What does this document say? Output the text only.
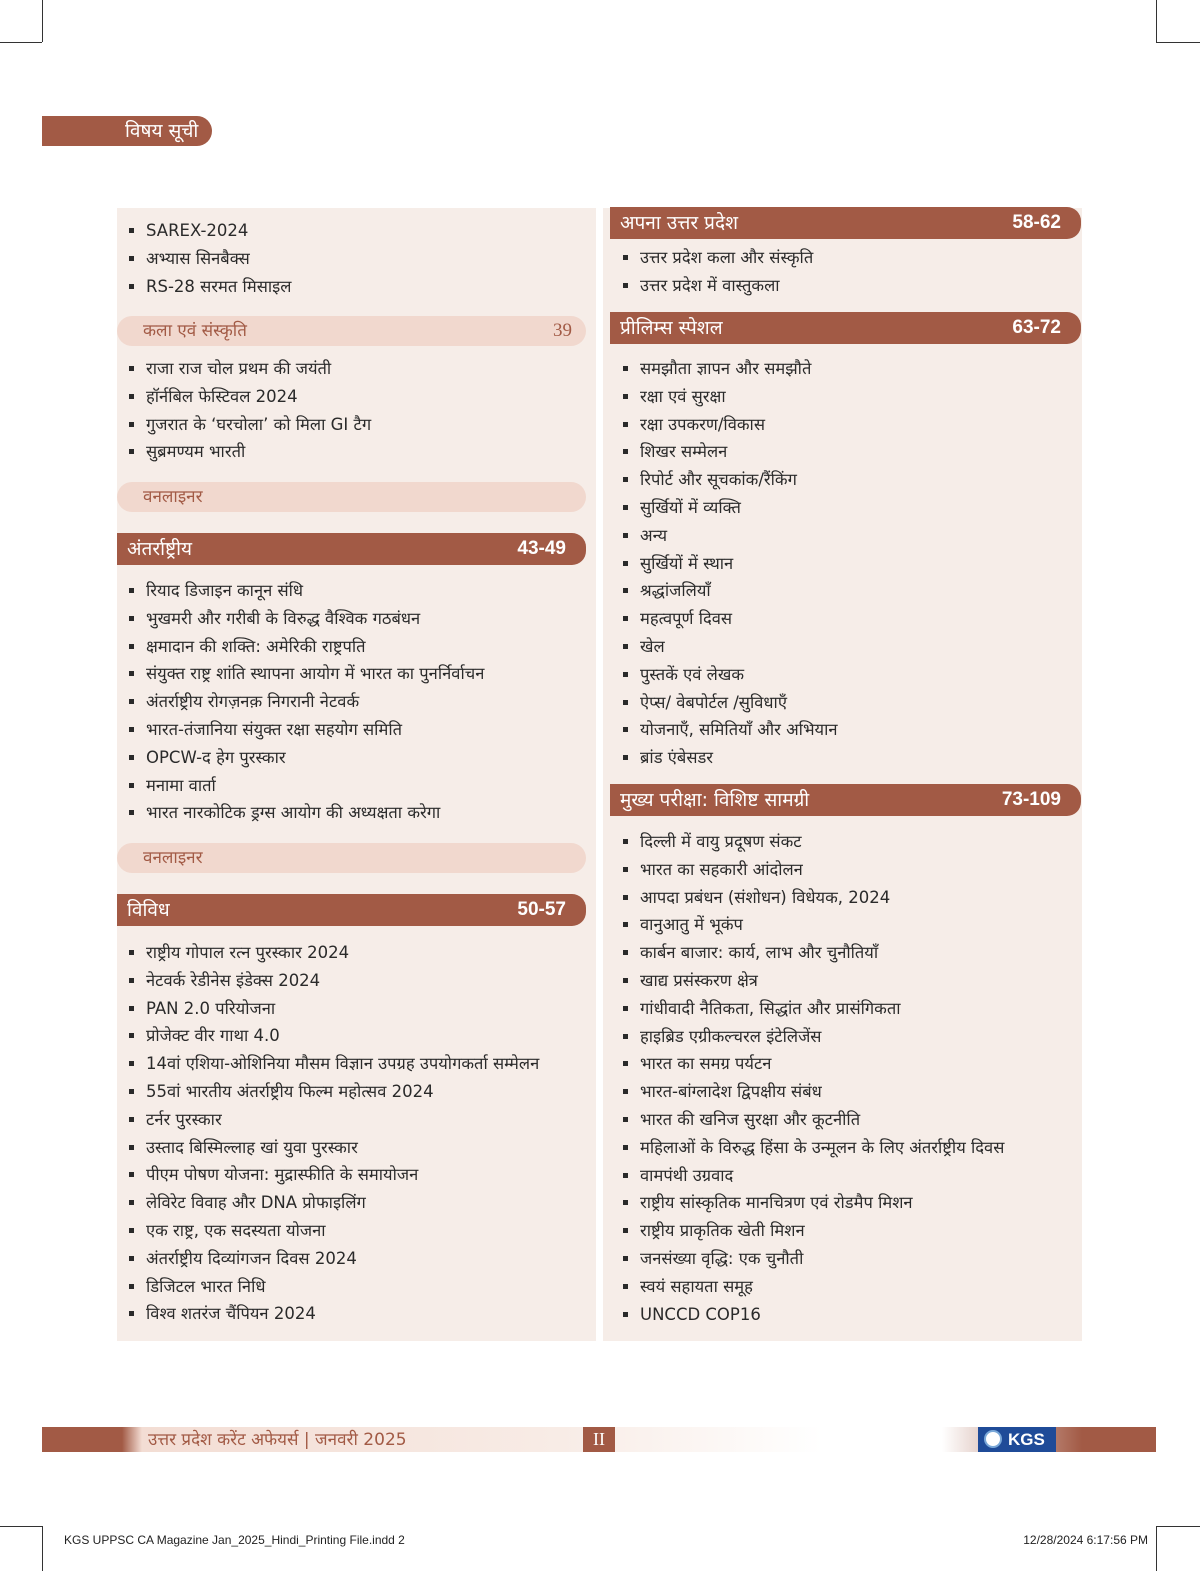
विषय सूची
SAREX-2024
अभ्यास सिनबैक्स
RS-28 सरमत मिसाइल
कला एवं संस्कृति	39
राजा राज चोल प्रथम की जयंती
हॉर्नबिल फेस्टिवल 2024
गुजरात के ‘घरचोला’ को मिला GI टैग
सुब्रमण्यम भारती
वनलाइनर
अंतर्राष्ट्रीय	43-49
रियाद डिजाइन कानून संधि
भुखमरी और गरीबी के विरुद्ध वैश्विक गठबंधन
क्षमादान की शक्ति: अमेरिकी राष्ट्रपति
संयुक्त राष्ट्र शांति स्थापना आयोग में भारत का पुनर्निर्वाचन
अंतर्राष्ट्रीय रोगज़नक़ निगरानी नेटवर्क
भारत-तंजानिया संयुक्त रक्षा सहयोग समिति
OPCW-द हेग पुरस्कार
मनामा वार्ता
भारत नारकोटिक ड्रग्स आयोग की अध्यक्षता करेगा
वनलाइनर
विविध	50-57
राष्ट्रीय गोपाल रत्न पुरस्कार 2024
नेटवर्क रेडीनेस इंडेक्स 2024
PAN 2.0 परियोजना
प्रोजेक्ट वीर गाथा 4.0
14वां एशिया-ओशिनिया मौसम विज्ञान उपग्रह उपयोगकर्ता सम्मेलन
55वां भारतीय अंतर्राष्ट्रीय फिल्म महोत्सव 2024
टर्नर पुरस्कार
उस्ताद बिस्मिल्लाह खां युवा पुरस्कार
पीएम पोषण योजना: मुद्रास्फीति के समायोजन
लेविरेट विवाह और DNA प्रोफाइलिंग
एक राष्ट्र, एक सदस्यता योजना
अंतर्राष्ट्रीय दिव्यांगजन दिवस 2024
डिजिटल भारत निधि
विश्व शतरंज चैंपियन 2024
अपना उत्तर प्रदेश	58-62
उत्तर प्रदेश कला और संस्कृति
उत्तर प्रदेश में वास्तुकला
प्रीलिम्स स्पेशल	63-72
समझौता ज्ञापन और समझौते
रक्षा एवं सुरक्षा
रक्षा उपकरण/विकास
शिखर सम्मेलन
रिपोर्ट और सूचकांक/रैंकिंग
सुर्खियों में व्यक्ति
अन्य
सुर्खियों में स्थान
श्रद्धांजलियाँ
महत्वपूर्ण दिवस
खेल
पुस्तकें एवं लेखक
ऐप्स/ वेबपोर्टल /सुविधाएँ
योजनाएँ, समितियाँ और अभियान
ब्रांड एंबेसडर
मुख्य परीक्षा: विशिष्ट सामग्री	73-109
दिल्ली में वायु प्रदूषण संकट
भारत का सहकारी आंदोलन
आपदा प्रबंधन (संशोधन) विधेयक, 2024
वानुआतु में भूकंप
कार्बन बाजार: कार्य, लाभ और चुनौतियाँ
खाद्य प्रसंस्करण क्षेत्र
गांधीवादी नैतिकता, सिद्धांत और प्रासंगिकता
हाइब्रिड एग्रीकल्चरल इंटेलिजेंस
भारत का समग्र पर्यटन
भारत-बांग्लादेश द्विपक्षीय संबंध
भारत की खनिज सुरक्षा और कूटनीति
महिलाओं के विरुद्ध हिंसा के उन्मूलन के लिए अंतर्राष्ट्रीय दिवस
वामपंथी उग्रवाद
राष्ट्रीय सांस्कृतिक मानचित्रण एवं रोडमैप मिशन
राष्ट्रीय प्राकृतिक खेती मिशन
जनसंख्या वृद्धि: एक चुनौती
स्वयं सहायता समूह
UNCCD COP16
उत्तर प्रदेश करेंट अफेयर्स | जनवरी 2025	II	KGS
KGS UPPSC CA Magazine Jan_2025_Hindi_Printing File.indd 2	12/28/2024 6:17:56 PM
